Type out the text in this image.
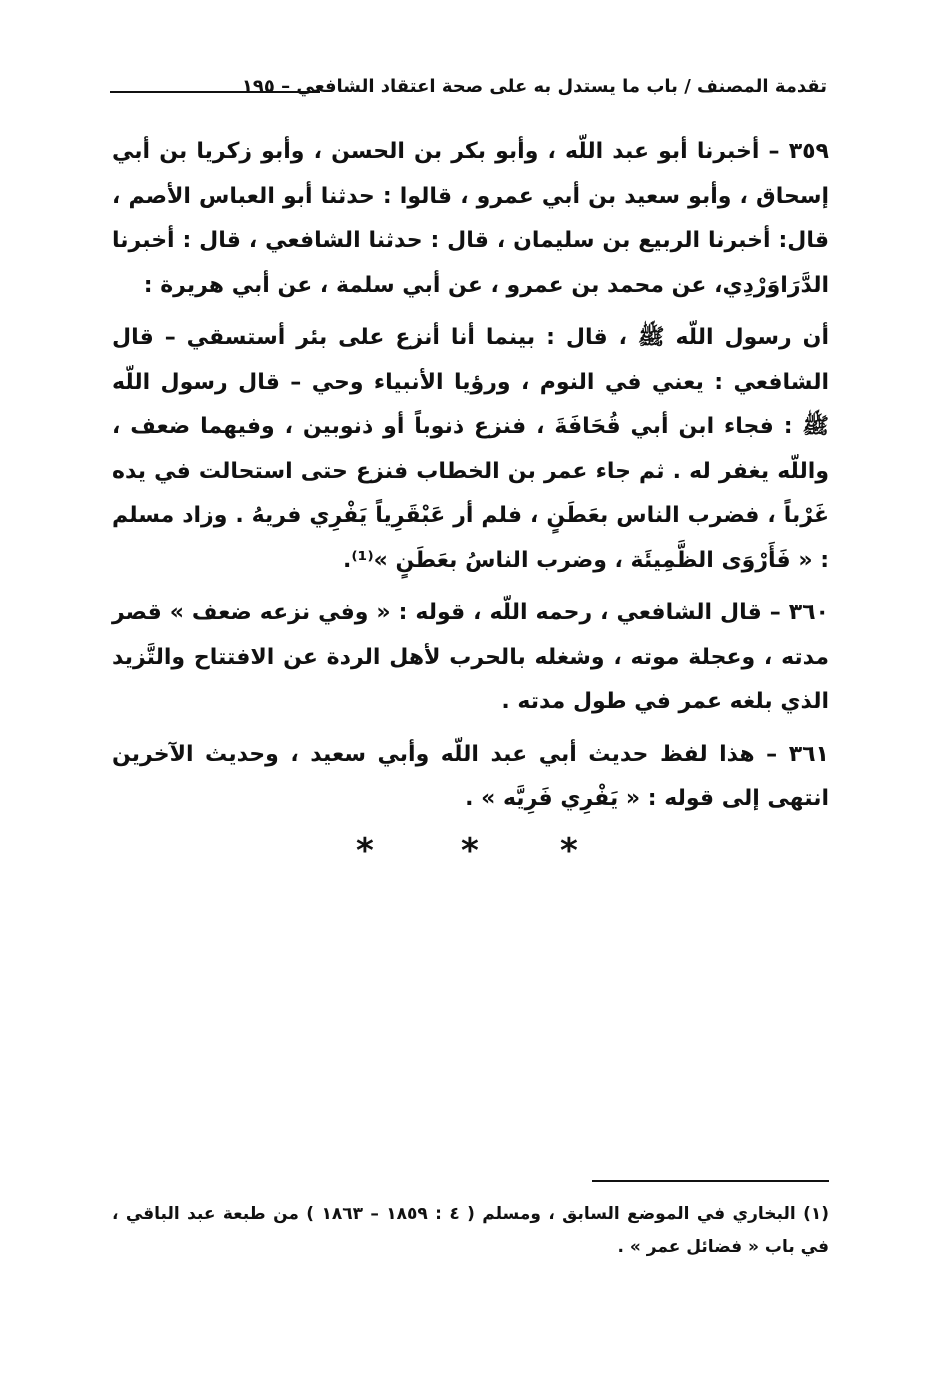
تقدمة المصنف / باب ما يستدل به على صحة اعتقاد الشافعي – ١٩٥

٣٥٩ – أخبرنا أبو عبد اللّه ، وأبو بكر بن الحسن ، وأبو زكريا بن أبي إسحاق ، وأبو سعيد بن أبي عمرو ، قالوا : حدثنا أبو العباس الأصم ، قال: أخبرنا الربيع بن سليمان ، قال : حدثنا الشافعي ، قال : أخبرنا الدَّرَاوَرْدِي، عن محمد بن عمرو ، عن أبي سلمة ، عن أبي هريرة :

أن رسول اللّه ﷺ ، قال : بينما أنا أنزع على بئر أستسقي – قال الشافعي : يعني في النوم ، ورؤيا الأنبياء وحي – قال رسول اللّه ﷺ : فجاء ابن أبي قُحَافَةَ ، فنزع ذنوباً أو ذنوبين ، وفيهما ضعف ، واللّه يغفر له . ثم جاء عمر بن الخطاب فنزع حتى استحالت في يده غَرْباً ، فضرب الناس بعَطَنٍ ، فلم أر عَبْقَرِياً يَفْرِي فريهُ . وزاد مسلم : « فَأَرْوَى الظَّمِيئَة ، وضرب الناسُ بعَطَنٍ »⁽¹⁾.

٣٦٠ – قال الشافعي ، رحمه اللّه ، قوله : « وفي نزعه ضعف » قصر مدته ، وعجلة موته ، وشغله بالحرب لأهل الردة عن الافتتاح والتَّزيد الذي بلغه عمر في طول مدته .

٣٦١ – هذا لفظ حديث أبي عبد اللّه وأبي سعيد ، وحديث الآخرين انتهى إلى قوله : « يَفْرِي فَرِيَّه » .

*	* *

(١) البخاري في الموضع السابق ، ومسلم ( ٤ : ١٨٥٩ – ١٨٦٣ ) من طبعة عبد الباقي ، في باب « فضائل عمر » .
